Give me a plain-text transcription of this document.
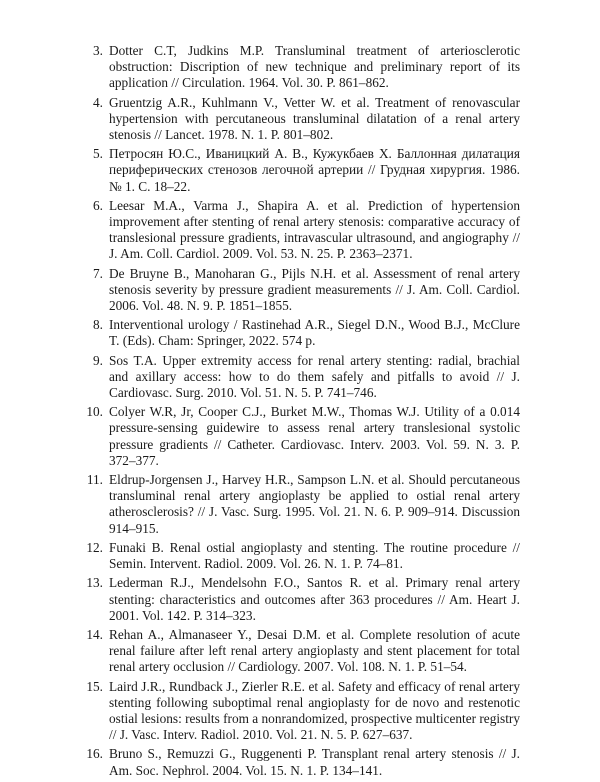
3. Dotter C.T, Judkins M.P. Transluminal treatment of arteriosclerotic obstruction: Discription of new technique and preliminary report of its application // Circulation. 1964. Vol. 30. P. 861–862.
4. Gruentzig A.R., Kuhlmann V., Vetter W. et al. Treatment of renovascular hypertension with percutaneous transluminal dilatation of a renal artery stenosis // Lancet. 1978. N. 1. P. 801–802.
5. Петросян Ю.С., Иваницкий А. В., Кужукбаев Х. Баллонная дилатация периферических стенозов легочной артерии // Грудная хирургия. 1986. № 1. С. 18–22.
6. Leesar M.A., Varma J., Shapira A. et al. Prediction of hypertension improvement after stenting of renal artery stenosis: comparative accuracy of translesional pressure gradients, intravascular ultrasound, and angiography // J. Am. Coll. Cardiol. 2009. Vol. 53. N. 25. P. 2363–2371.
7. De Bruyne B., Manoharan G., Pijls N.H. et al. Assessment of renal artery stenosis severity by pressure gradient measurements // J. Am. Coll. Cardiol. 2006. Vol. 48. N. 9. P. 1851–1855.
8. Interventional urology / Rastinehad A.R., Siegel D.N., Wood B.J., McClure T. (Eds). Cham: Springer, 2022. 574 p.
9. Sos T.A. Upper extremity access for renal artery stenting: radial, brachial and axillary access: how to do them safely and pitfalls to avoid // J. Cardiovasc. Surg. 2010. Vol. 51. N. 5. P. 741–746.
10. Colyer W.R, Jr, Cooper C.J., Burket M.W., Thomas W.J. Utility of a 0.014 pressure-sensing guidewire to assess renal artery translesional systolic pressure gradients // Catheter. Cardiovasc. Interv. 2003. Vol. 59. N. 3. P. 372–377.
11. Eldrup-Jorgensen J., Harvey H.R., Sampson L.N. et al. Should percutaneous transluminal renal artery angioplasty be applied to ostial renal artery atherosclerosis? // J. Vasc. Surg. 1995. Vol. 21. N. 6. P. 909–914. Discussion 914–915.
12. Funaki B. Renal ostial angioplasty and stenting. The routine procedure // Semin. Intervent. Radiol. 2009. Vol. 26. N. 1. P. 74–81.
13. Lederman R.J., Mendelsohn F.O., Santos R. et al. Primary renal artery stenting: characteristics and outcomes after 363 procedures // Am. Heart J. 2001. Vol. 142. P. 314–323.
14. Rehan A., Almanaseer Y., Desai D.M. et al. Complete resolution of acute renal failure after left renal artery angioplasty and stent placement for total renal artery occlusion // Cardiology. 2007. Vol. 108. N. 1. P. 51–54.
15. Laird J.R., Rundback J., Zierler R.E. et al. Safety and efficacy of renal artery stenting following suboptimal renal angioplasty for de novo and restenotic ostial lesions: results from a nonrandomized, prospective multicenter registry // J. Vasc. Interv. Radiol. 2010. Vol. 21. N. 5. P. 627–637.
16. Bruno S., Remuzzi G., Ruggenenti P. Transplant renal artery stenosis // J. Am. Soc. Nephrol. 2004. Vol. 15. N. 1. P. 134–141.
